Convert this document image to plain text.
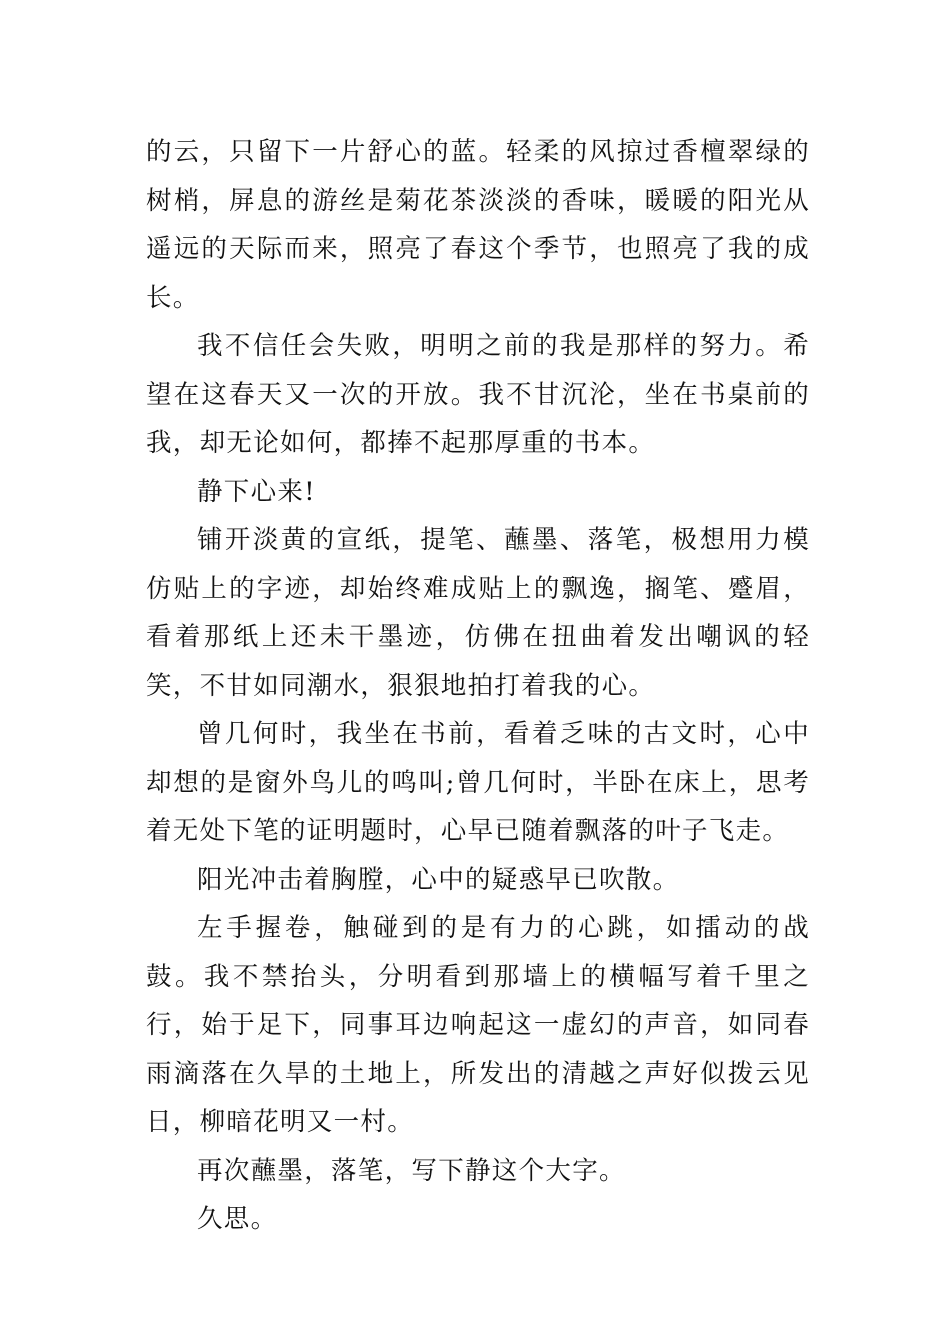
的云，只留下一片舒心的蓝。轻柔的风掠过香檀翠绿的树梢，屏息的游丝是菊花茶淡淡的香味，暖暖的阳光从遥远的天际而来，照亮了春这个季节，也照亮了我的成长。

我不信任会失败，明明之前的我是那样的努力。希望在这春天又一次的开放。我不甘沉沦，坐在书桌前的我，却无论如何，都捧不起那厚重的书本。

静下心来!

铺开淡黄的宣纸，提笔、蘸墨、落笔，极想用力模仿贴上的字迹，却始终难成贴上的飘逸，搁笔、蹙眉，看着那纸上还未干墨迹，仿佛在扭曲着发出嘲讽的轻笑，不甘如同潮水，狠狠地拍打着我的心。

曾几何时，我坐在书前，看着乏味的古文时，心中却想的是窗外鸟儿的鸣叫;曾几何时，半卧在床上，思考着无处下笔的证明题时，心早已随着飘落的叶子飞走。

阳光冲击着胸膛，心中的疑惑早已吹散。

左手握卷，触碰到的是有力的心跳，如擂动的战鼓。我不禁抬头，分明看到那墙上的横幅写着千里之行，始于足下，同事耳边响起这一虚幻的声音，如同春雨滴落在久旱的土地上，所发出的清越之声好似拨云见日，柳暗花明又一村。

再次蘸墨，落笔，写下静这个大字。

久思。
